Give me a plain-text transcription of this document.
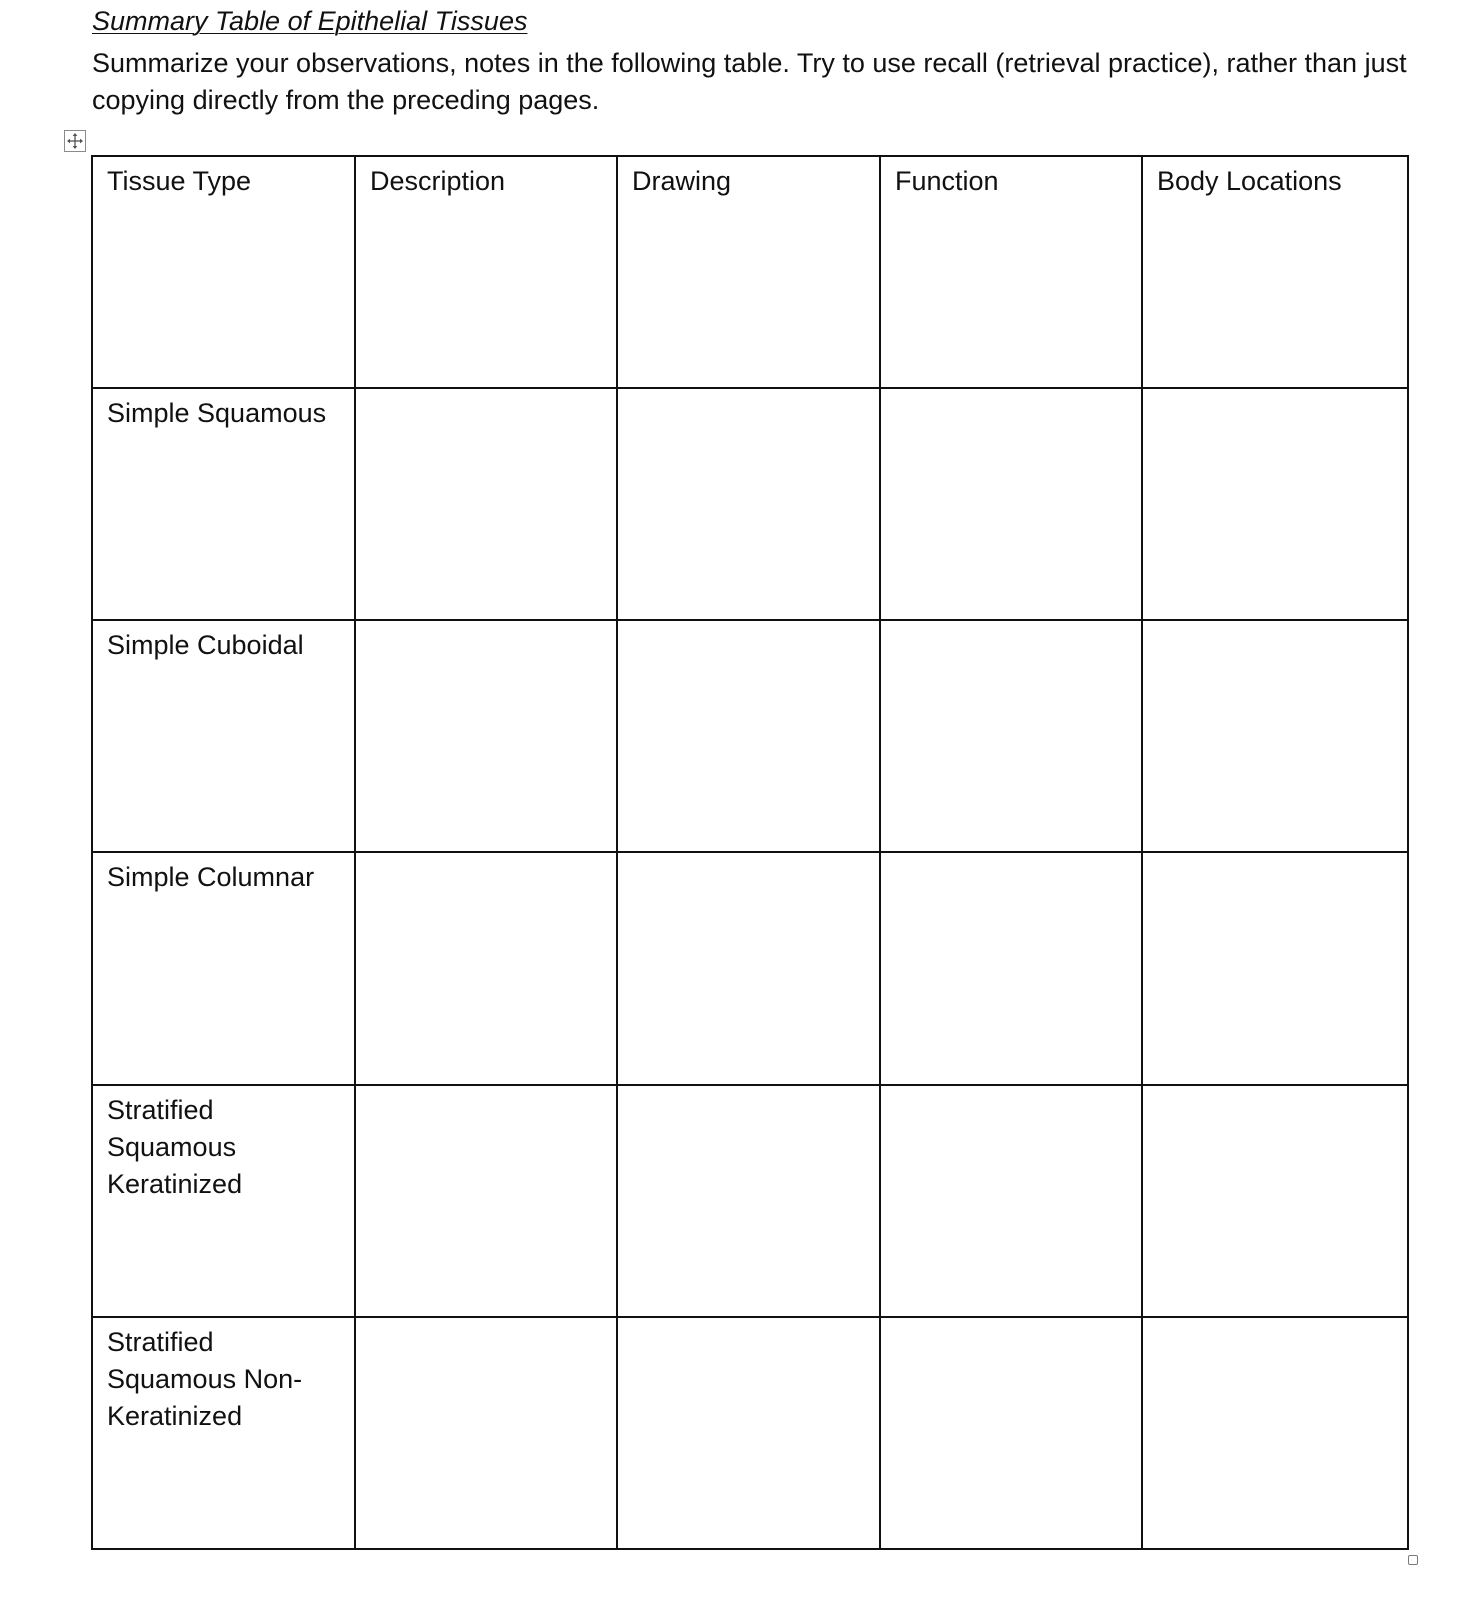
Summary Table of Epithelial Tissues
Summarize your observations, notes in the following table. Try to use recall (retrieval practice), rather than just copying directly from the preceding pages.
Tissue Type	Description	Drawing	Function	Body Locations

Simple Squamous				

Simple Cuboidal				

Simple Columnar				

Stratified Squamous Keratinized				

Stratified Squamous Non-Keratinized				
